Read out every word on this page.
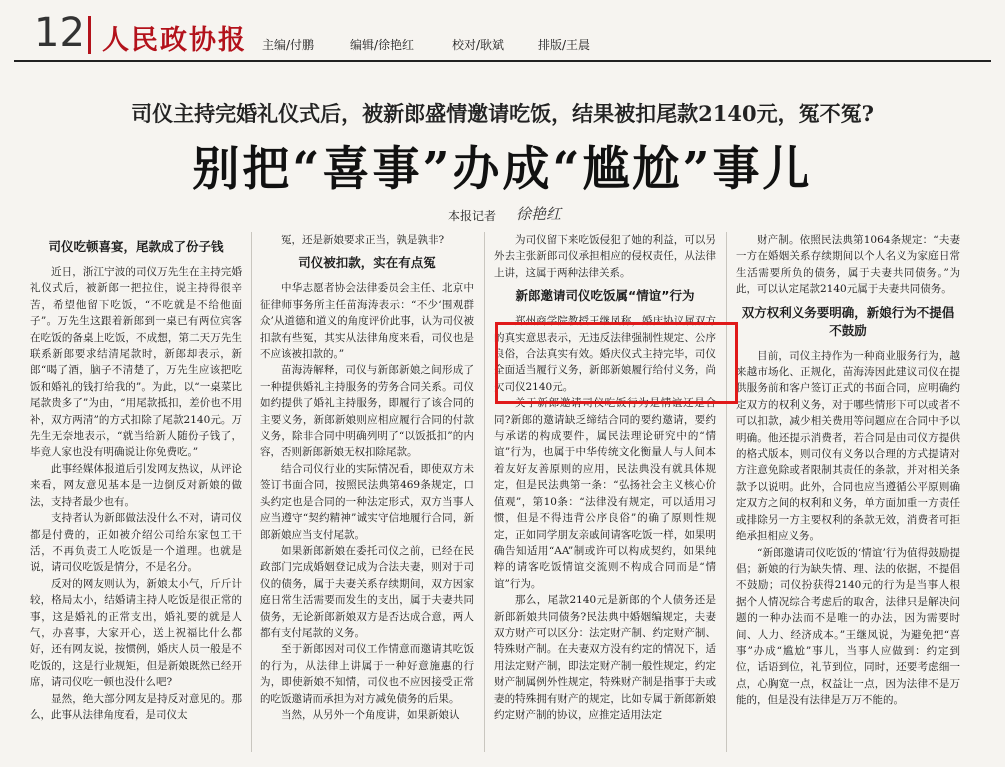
12 人民政协报 主编/付鹏	编辑/徐艳红	校对/耿斌	排版/王晨
司仪主持完婚礼仪式后，被新郎盛情邀请吃饭，结果被扣尾款2140元，冤不冤?
别把“喜事”办成“尴尬”事儿
本报记者 徐艳红
司仪吃顿喜宴，尾款成了份子钱

近日，浙江宁波的司仪万先生在主持完婚礼仪式后，被新郎一把拉住，说主持得很辛苦，希望他留下吃饭，“不吃就是不给他面子”。万先生这跟着新郎到一桌已有两位宾客在吃饭的备桌上吃饭，不成想，第二天万先生联系新郎要求结清尾款时，新郎却表示，新郎“喝了酒，脑子不清楚了，万先生应该把吃饭和婚礼的钱打给我的”。为此，以“一桌菜比尾款贵多了”为由，“用尾款抵扣，差价也不用补，双方两清”的方式扣除了尾款2140元。万先生无奈地表示，“就当给新人随份子钱了，毕竟人家也没有明确说让你免费吃。”

此事经媒体报道后引发网友热议，从评论来看，网友意见基本是一边倒反对新娘的做法，支持者最少也有。

支持者认为新郎做法没什么不对，请司仪都是付费的，正如被介绍公司给东家包工干活，不再负责工人吃饭是一个道理。也就是说，请司仪吃饭是情分，不是名分。

反对的网友则认为，新娘太小气，斤斤计较，格局太小，结婚请主持人吃饭是很正常的事，这是婚礼的正常支出，婚礼要的就是人气，办喜事，大家开心，送上祝福比什么都好，还有网友说，按惯例，婚庆人员一般是不吃饭的，这是行业规矩，但是新娘既然已经开席，请司仪吃一顿也没什么吧?

显然，绝大部分网友是持反对意见的。那么，此事从法律角度看，是司仪太

冤，还是新娘要求正当，孰是孰非?

司仪被扣款，实在有点冤

中华志愿者协会法律委员会主任、北京中征律师事务所主任苗海涛表示：“不少‘围观群众’从道德和道义的角度评价此事，认为司仪被扣款有些冤，其实从法律角度来看，司仪也是不应该被扣款的。”

苗海涛解释，司仪与新郎新娘之间形成了一种提供婚礼主持服务的劳务合同关系。司仪如约提供了婚礼主持服务，即履行了该合同的主要义务，新郎新娘则应相应履行合同的付款义务，除非合同中明确列明了“以饭抵扣”的内容，否则新郎新娘无权扣除尾款。

结合司仪行业的实际情况看，即使双方未签订书面合同，按照民法典第469条规定，口头约定也是合同的一种法定形式，双方当事人应当遵守“契约精神”诚实守信地履行合同，新郎新娘应当支付尾款。

如果新郎新娘在委托司仪之前，已经在民政部门完成婚姻登记成为合法夫妻，则对于司仪的债务，属于夫妻关系存续期间，双方因家庭日常生活需要而发生的支出，属于夫妻共同债务，无论新郎新娘双方是否达成合意，两人都有支付尾款的义务。

至于新郎因对司仪工作情意而邀请其吃饭的行为，从法律上讲属于一种好意施惠的行为，即使新娘不知情，司仪也不应因接受正常的吃饭邀请而承担为对方减免债务的后果。

当然，从另外一个角度讲，如果新娘认

为司仪留下来吃饭侵犯了她的利益，可以另外去主张新郎司仪承担相应的侵权责任，从法律上讲，这属于两种法律关系。

新郎邀请司仪吃饭属“情谊”行为

郑州商学院教授王继凤称，婚庆协议属双方的真实意思表示，无违反法律强制性规定、公序良俗，合法真实有效。婚庆仪式主持完毕，司仪全面适当履行义务，新郎新娘履行给付义务，尚欠司仪2140元。

关于新郎邀请司仪吃饭行为是情谊还是合同?新郎的邀请缺乏缔结合同的要约邀请，要约与承诺的构成要件，属民法理论研究中的“情谊”行为，也属于中华传统文化衡量人与人间本着友好友善原则的应用，民法典没有就具体规定，但是民法典第一条：“弘扬社会主义核心价值观”，第10条：“法律没有规定，可以适用习惯，但是不得违背公序良俗”的确了原则性规定，正如同学朋友亲戚间请客吃饭一样，如果明确告知适用“AA”制或许可以构成契约，如果纯粹的请客吃饭情谊交流则不构成合同而是“情谊”行为。

那么，尾款2140元是新郎的个人债务还是新郎新娘共同债务?民法典中婚姻编规定，夫妻双方财产可以区分：法定财产制、约定财产制、特殊财产制。在夫妻双方没有约定的情况下，适用法定财产制，即法定财产制一般性规定，约定财产制属例外性规定，特殊财产制是指事于夫或妻的特殊拥有财产的规定，比如专属于新郎新娘约定财产制的协议，应推定适用法定

财产制。依照民法典第1064条规定：“夫妻一方在婚姻关系存续期间以个人名义为家庭日常生活需要所负的债务，属于夫妻共同债务。”为此，可以认定尾款2140元属于夫妻共同债务。

双方权利义务要明确，新娘行为不提倡不鼓励

目前，司仪主持作为一种商业服务行为，越来越市场化、正规化，苗海涛因此建议司仪在提供服务前和客户签订正式的书面合同，应明确约定双方的权利义务，对于哪些情形下可以或者不可以扣款，减少相关费用等问题应在合同中予以明确。他还提示消费者，若合同是由司仪方提供的格式版本，则司仪有义务以合理的方式提请对方注意免除或者限制其责任的条款，并对相关条款予以说明。此外，合同也应当遵循公平原则确定双方之间的权利和义务，单方面加重一方责任或排除另一方主要权利的条款无效，消费者可拒绝承担相应义务。

“新郎邀请司仪吃饭的‘情谊’行为值得鼓励提倡；新娘的行为缺失情、理、法的依据，不提倡不鼓励；司仪扮获得2140元的行为是当事人根据个人情况综合考虑后的取舍，法律只是解决问题的一种办法而不是唯一的办法，因为需要时间、人力、经济成本。”王继凤说，为避免把“喜事”办成“尴尬”事儿，当事人应做到：约定到位，话语到位，礼节到位，同时，还要考虑细一点，心胸宽一点，权益让一点，因为法律不是万能的，但是没有法律是万万不能的。
